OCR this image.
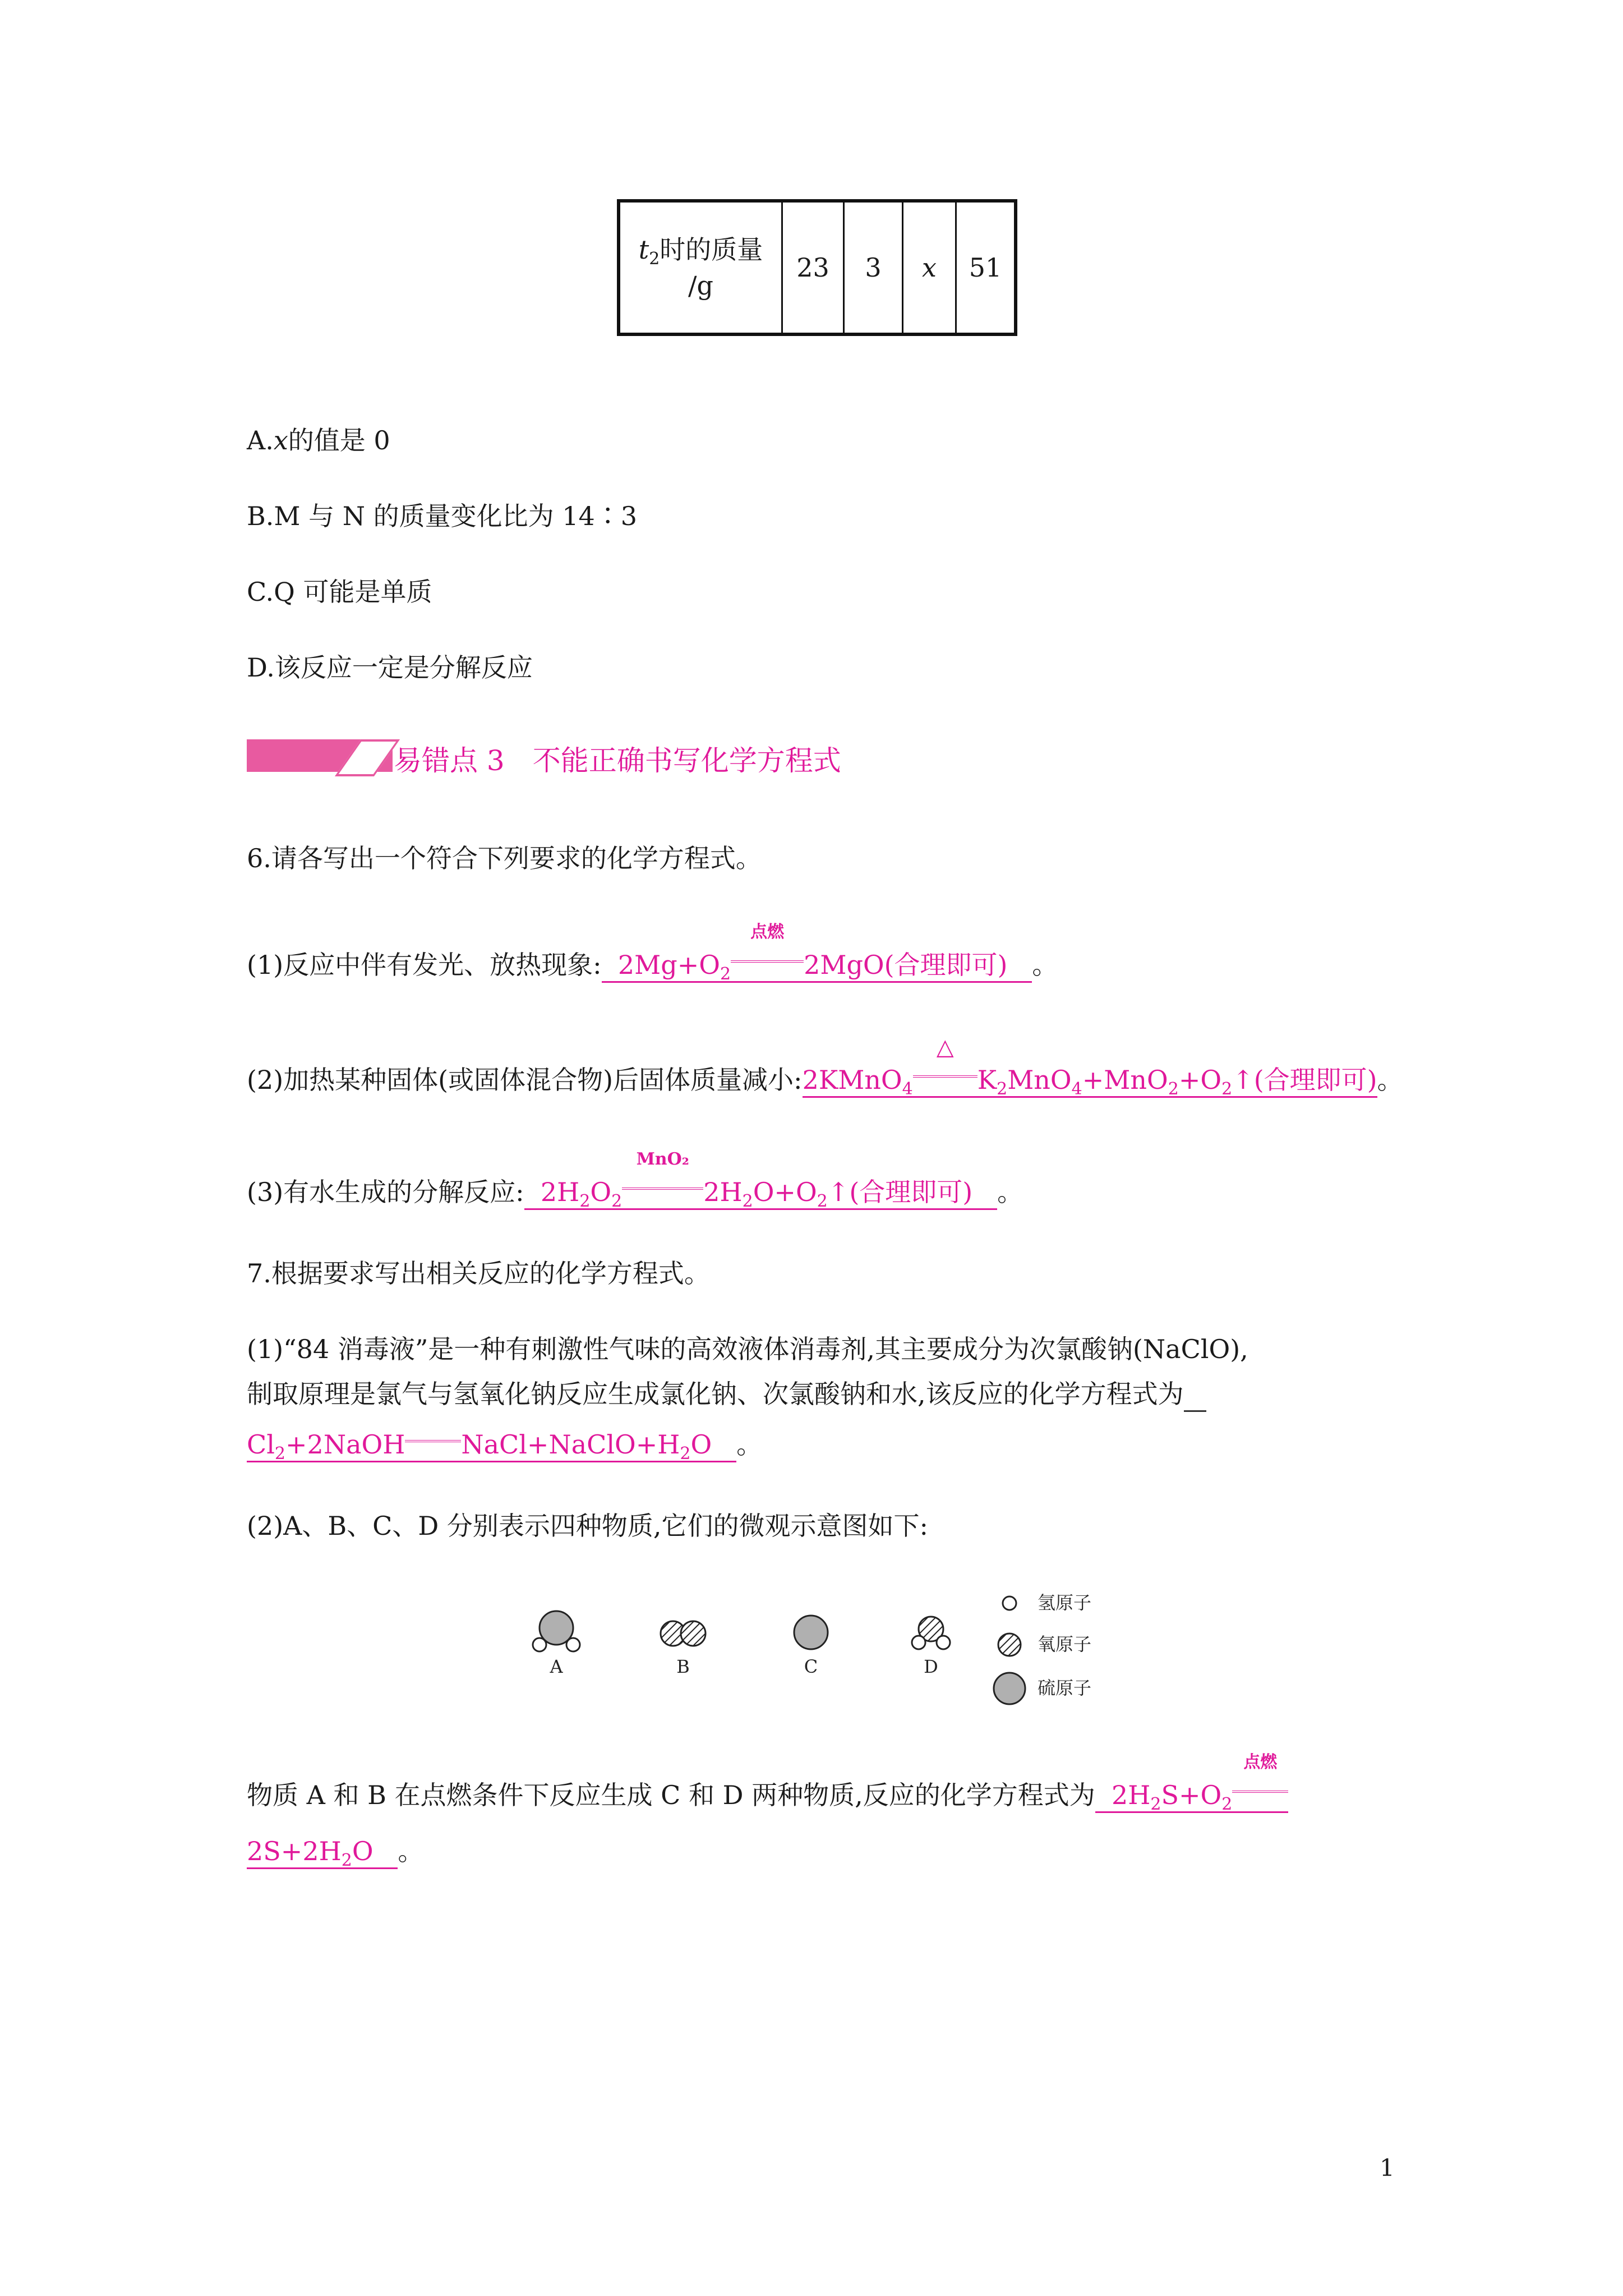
$t_2$时的质量
/g	23	3	x	51
A.x的值是 0
B.M 与 N 的质量变化比为 14∶3
C.Q 可能是单质
D.该反应一定是分解反应
易错点 3　不能正确书写化学方程式
6.请各写出一个符合下列要求的化学方程式。
(1)反应中伴有发光、放热现象:  $2Mg+O_2$
点燃
2MgO(合理即可) 。
(2)加热某种固体(或固体混合物)后固体质量减小:2KMnO$_4$
△
$K_2MnO_4+MnO_2+O_2↑$(合理即可)。
(3)有水生成的分解反应:  $2H_2O_2$
MnO₂
$2H_2O+O_2↑$(合理即可) 。
7.根据要求写出相关反应的化学方程式。
(1)“84 消毒液”是一种有刺激性气味的高效液体消毒剂,其主要成分为次氯酸钠(NaClO),
制取原理是氯气与氢氧化钠反应生成氯化钠、次氯酸钠和水,该反应的化学方程式为
$Cl_2+2NaOH$ $NaCl+NaClO+H_2O$   。
(2)A、B、C、D 分别表示四种物质,它们的微观示意图如下:
A	B	C	D
氢原子
氧原子
硫原子
物质 A 和 B 在点燃条件下反应生成 C 和 D 两种物质,反应的化学方程式为  $2H_2S+O_2$
点燃
$2S+2H_2O$   。
1
